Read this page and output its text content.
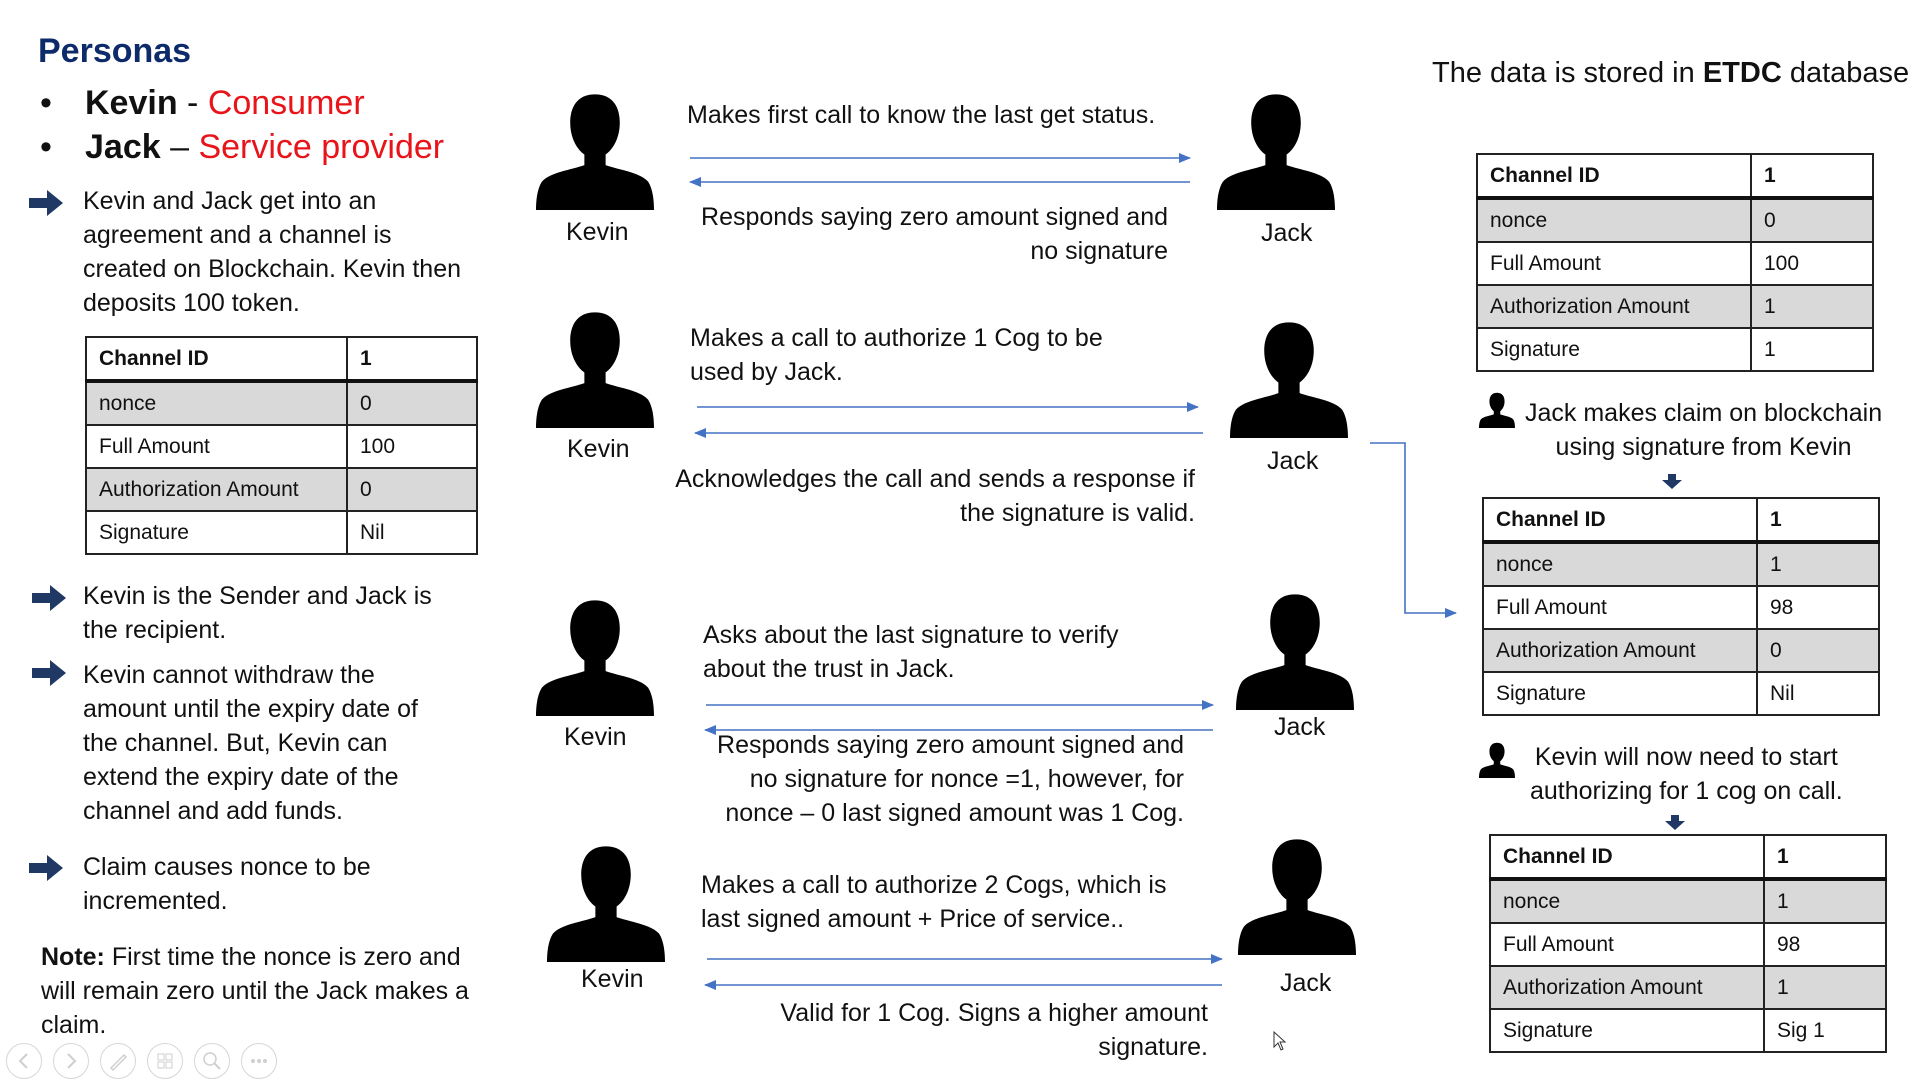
Personas
• Kevin - Consumer
• Jack – Service provider
Kevin and Jack get into an
agreement and a channel is
created on Blockchain. Kevin then
deposits 100 token.
Channel ID	1
nonce	0
Full Amount	100
Authorization Amount	0
Signature	Nil
Kevin is the Sender and Jack is
the recipient.
Kevin cannot withdraw the
amount until the expiry date of
the channel. But, Kevin can
extend the expiry date of the
channel and add funds.
Claim causes nonce to be
incremented.
Note: First time the nonce is zero and
will remain zero until the Jack makes a
claim.
Kevin	Jack
Kevin	Jack
Kevin	Jack
Kevin	Jack
Makes first call to know the last get status.
Responds saying zero amount signed and
no signature
Makes a call to authorize 1 Cog to be
used by Jack.
Acknowledges the call and sends a response if
the signature is valid.
Asks about the last signature to verify
about the trust in Jack.
Responds saying zero amount signed and
no signature for nonce =1, however, for
nonce – 0 last signed amount was 1 Cog.
Makes a call to authorize 2 Cogs, which is
last signed amount + Price of service..
Valid for 1 Cog. Signs a higher amount
signature.
The data is stored in ETDC database
Channel ID	1
nonce	0
Full Amount	100
Authorization Amount	1
Signature	1
Jack makes claim on blockchain
using signature from Kevin
Channel ID	1
nonce	1
Full Amount	98
Authorization Amount	0
Signature	Nil
Kevin will now need to start
authorizing for 1 cog on call.
Channel ID	1
nonce	1
Full Amount	98
Authorization Amount	1
Signature	Sig 1
